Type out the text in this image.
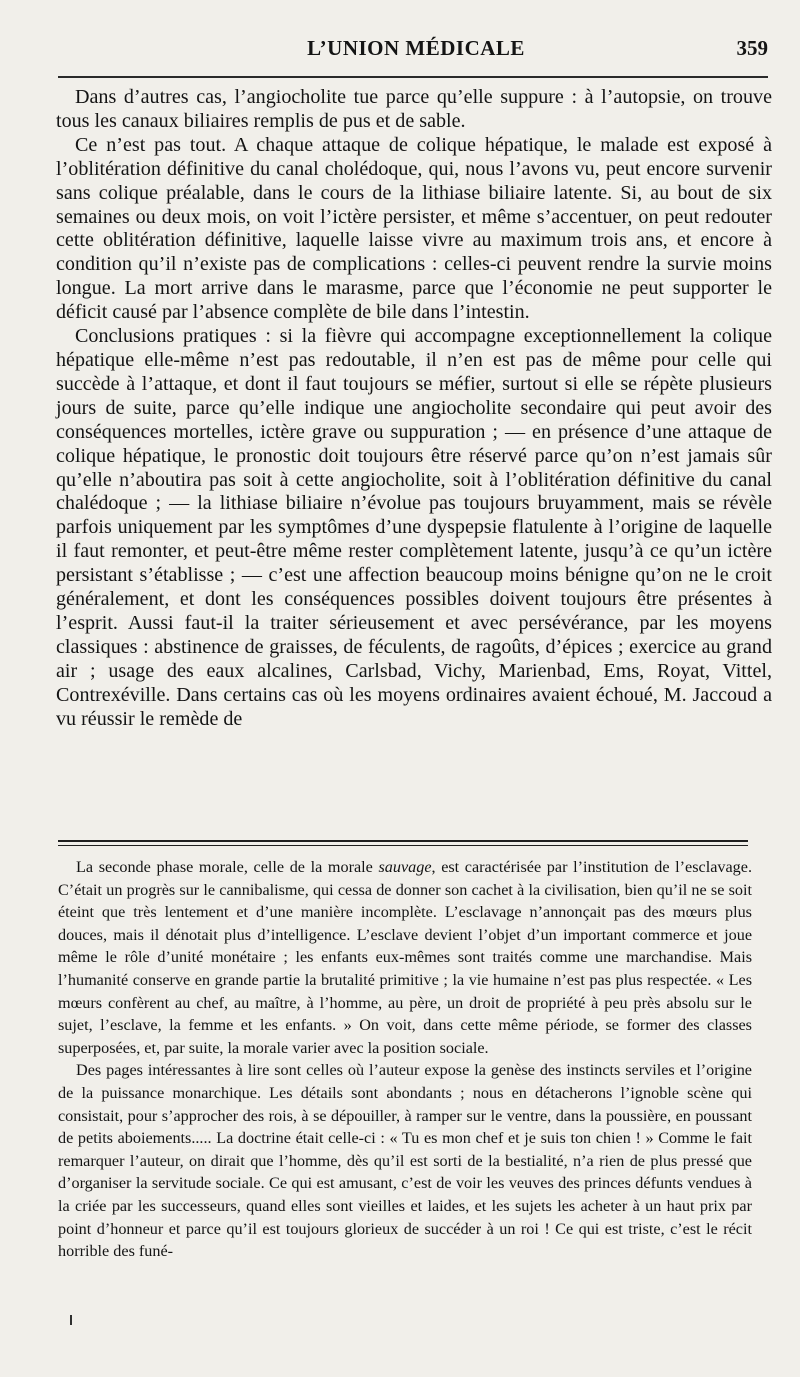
L’UNION MÉDICALE	359

Dans d’autres cas, l’angiocholite tue parce qu’elle suppure : à l’autopsie, on trouve tous les canaux biliaires remplis de pus et de sable.

Ce n’est pas tout. A chaque attaque de colique hépatique, le malade est exposé à l’oblitération définitive du canal cholédoque, qui, nous l’avons vu, peut encore survenir sans colique préalable, dans le cours de la lithiase biliaire latente. Si, au bout de six semaines ou deux mois, on voit l’ictère persister, et même s’accentuer, on peut redouter cette oblitération définitive, laquelle laisse vivre au maximum trois ans, et encore à condition qu’il n’existe pas de complications : celles-ci peuvent rendre la survie moins longue. La mort arrive dans le marasme, parce que l’économie ne peut supporter le déficit causé par l’absence complète de bile dans l’intestin.

Conclusions pratiques : si la fièvre qui accompagne exceptionnellement la colique hépatique elle-même n’est pas redoutable, il n’en est pas de même pour celle qui succède à l’attaque, et dont il faut toujours se méfier, surtout si elle se répète plusieurs jours de suite, parce qu’elle indique une angiocholite secondaire qui peut avoir des conséquences mortelles, ictère grave ou suppuration ; — en présence d’une attaque de colique hépatique, le pronostic doit toujours être réservé parce qu’on n’est jamais sûr qu’elle n’aboutira pas soit à cette angiocholite, soit à l’oblitération définitive du canal chalédoque ; — la lithiase biliaire n’évolue pas toujours bruyamment, mais se révèle parfois uniquement par les symptômes d’une dyspepsie flatulente à l’origine de laquelle il faut remonter, et peut-être même rester complètement latente, jusqu’à ce qu’un ictère persistant s’établisse ; — c’est une affection beaucoup moins bénigne qu’on ne le croit généralement, et dont les conséquences possibles doivent toujours être présentes à l’esprit. Aussi faut-il la traiter sérieusement et avec persévérance, par les moyens classiques : abstinence de graisses, de féculents, de ragoûts, d’épices ; exercice au grand air ; usage des eaux alcalines, Carlsbad, Vichy, Marienbad, Ems, Royat, Vittel, Contrexéville. Dans certains cas où les moyens ordinaires avaient échoué, M. Jaccoud a vu réussir le remède de

La seconde phase morale, celle de la morale sauvage, est caractérisée par l’institution de l’esclavage. C’était un progrès sur le cannibalisme, qui cessa de donner son cachet à la civilisation, bien qu’il ne se soit éteint que très lentement et d’une manière incomplète. L’esclavage n’annonçait pas des mœurs plus douces, mais il dénotait plus d’intelligence. L’esclave devient l’objet d’un important commerce et joue même le rôle d’unité monétaire ; les enfants eux-mêmes sont traités comme une marchandise. Mais l’humanité conserve en grande partie la brutalité primitive ; la vie humaine n’est pas plus respectée. « Les mœurs confèrent au chef, au maître, à l’homme, au père, un droit de propriété à peu près absolu sur le sujet, l’esclave, la femme et les enfants. » On voit, dans cette même période, se former des classes superposées, et, par suite, la morale varier avec la position sociale.

Des pages intéressantes à lire sont celles où l’auteur expose la genèse des instincts serviles et l’origine de la puissance monarchique. Les détails sont abondants ; nous en détacherons l’ignoble scène qui consistait, pour s’approcher des rois, à se dépouiller, à ramper sur le ventre, dans la poussière, en poussant de petits aboiements..... La doctrine était celle-ci : « Tu es mon chef et je suis ton chien ! » Comme le fait remarquer l’auteur, on dirait que l’homme, dès qu’il est sorti de la bestialité, n’a rien de plus pressé que d’organiser la servitude sociale. Ce qui est amusant, c’est de voir les veuves des princes défunts vendues à la criée par les successeurs, quand elles sont vieilles et laides, et les sujets les acheter à un haut prix par point d’honneur et parce qu’il est toujours glorieux de succéder à un roi ! Ce qui est triste, c’est le récit horrible des funé-
